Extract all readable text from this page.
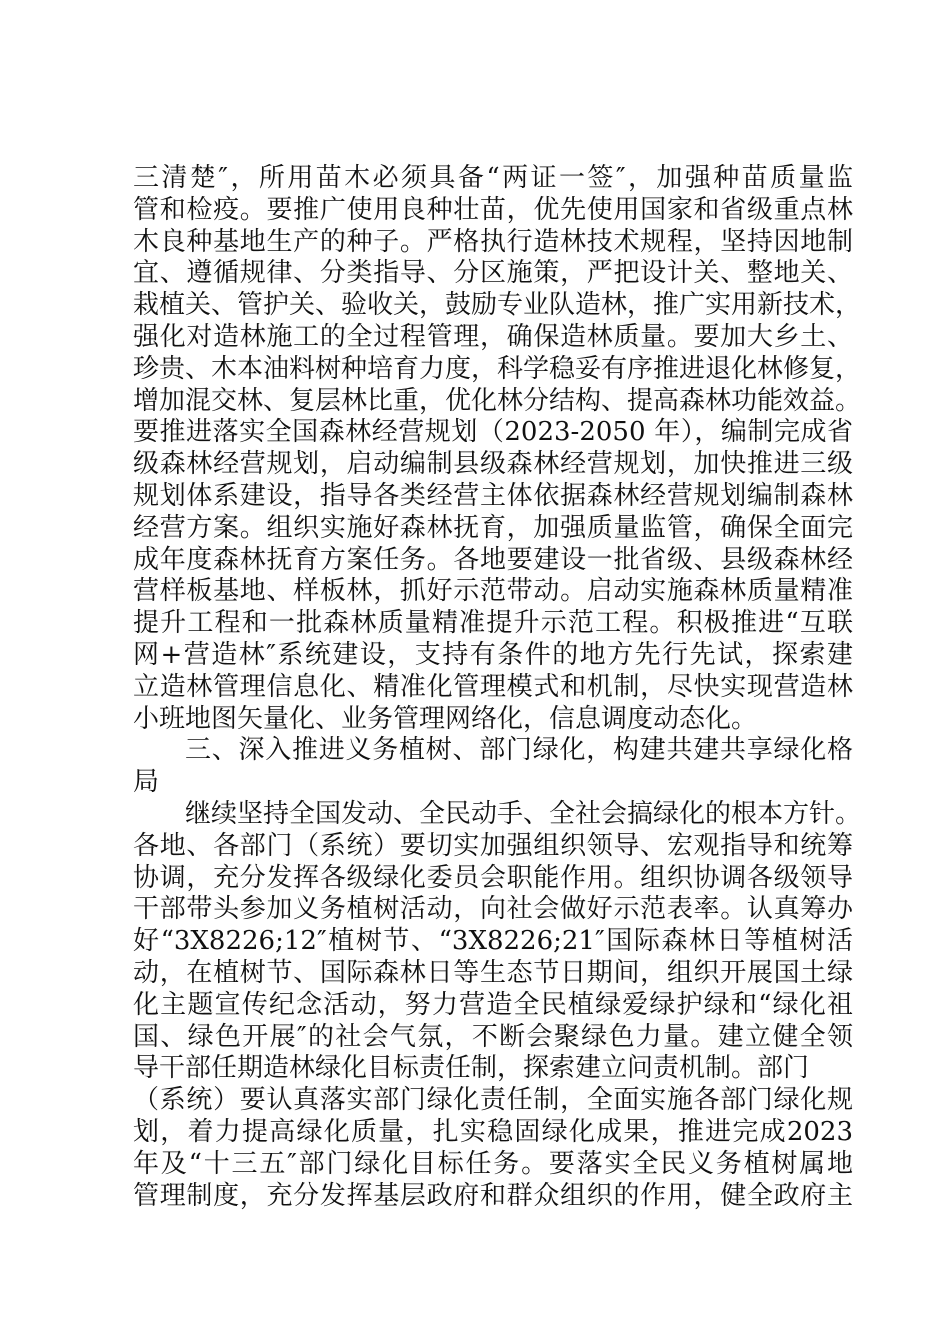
三清楚″，所用苗木必须具备“两证一签″，加强种苗质量监
管和检疫。要推广使用良种壮苗，优先使用国家和省级重点林
木良种基地生产的种子。严格执行造林技术规程，坚持因地制
宜、遵循规律、分类指导、分区施策，严把设计关、整地关、
栽植关、管护关、验收关，鼓励专业队造林，推广实用新技术，
强化对造林施工的全过程管理，确保造林质量。要加大乡土、
珍贵、木本油料树种培育力度，科学稳妥有序推进退化林修复，
增加混交林、复层林比重，优化林分结构、提高森林功能效益。
要推进落实全国森林经营规划（2023-2050 年），编制完成省
级森林经营规划，启动编制县级森林经营规划，加快推进三级
规划体系建设，指导各类经营主体依据森林经营规划编制森林
经营方案。组织实施好森林抚育，加强质量监管，确保全面完
成年度森林抚育方案任务。各地要建设一批省级、县级森林经
营样板基地、样板林，抓好示范带动。启动实施森林质量精准
提升工程和一批森林质量精准提升示范工程。积极推进“互联
网+营造林″系统建设，支持有条件的地方先行先试，探索建
立造林管理信息化、精准化管理模式和机制，尽快实现营造林
小班地图矢量化、业务管理网络化，信息调度动态化。
三、深入推进义务植树、部门绿化，构建共建共享绿化格
局
继续坚持全国发动、全民动手、全社会搞绿化的根本方针。
各地、各部门（系统）要切实加强组织领导、宏观指导和统筹
协调，充分发挥各级绿化委员会职能作用。组织协调各级领导
干部带头参加义务植树活动，向社会做好示范表率。认真筹办
好“3X8226;12″植树节、“3X8226;21″国际森林日等植树活
动，在植树节、国际森林日等生态节日期间，组织开展国土绿
化主题宣传纪念活动，努力营造全民植绿爱绿护绿和“绿化祖
国、绿色开展″的社会气氛，不断会聚绿色力量。建立健全领
导干部任期造林绿化目标责任制，探索建立问责机制。部门
（系统）要认真落实部门绿化责任制，全面实施各部门绿化规
划，着力提高绿化质量，扎实稳固绿化成果，推进完成2023
年及“十三五″部门绿化目标任务。要落实全民义务植树属地
管理制度，充分发挥基层政府和群众组织的作用，健全政府主
